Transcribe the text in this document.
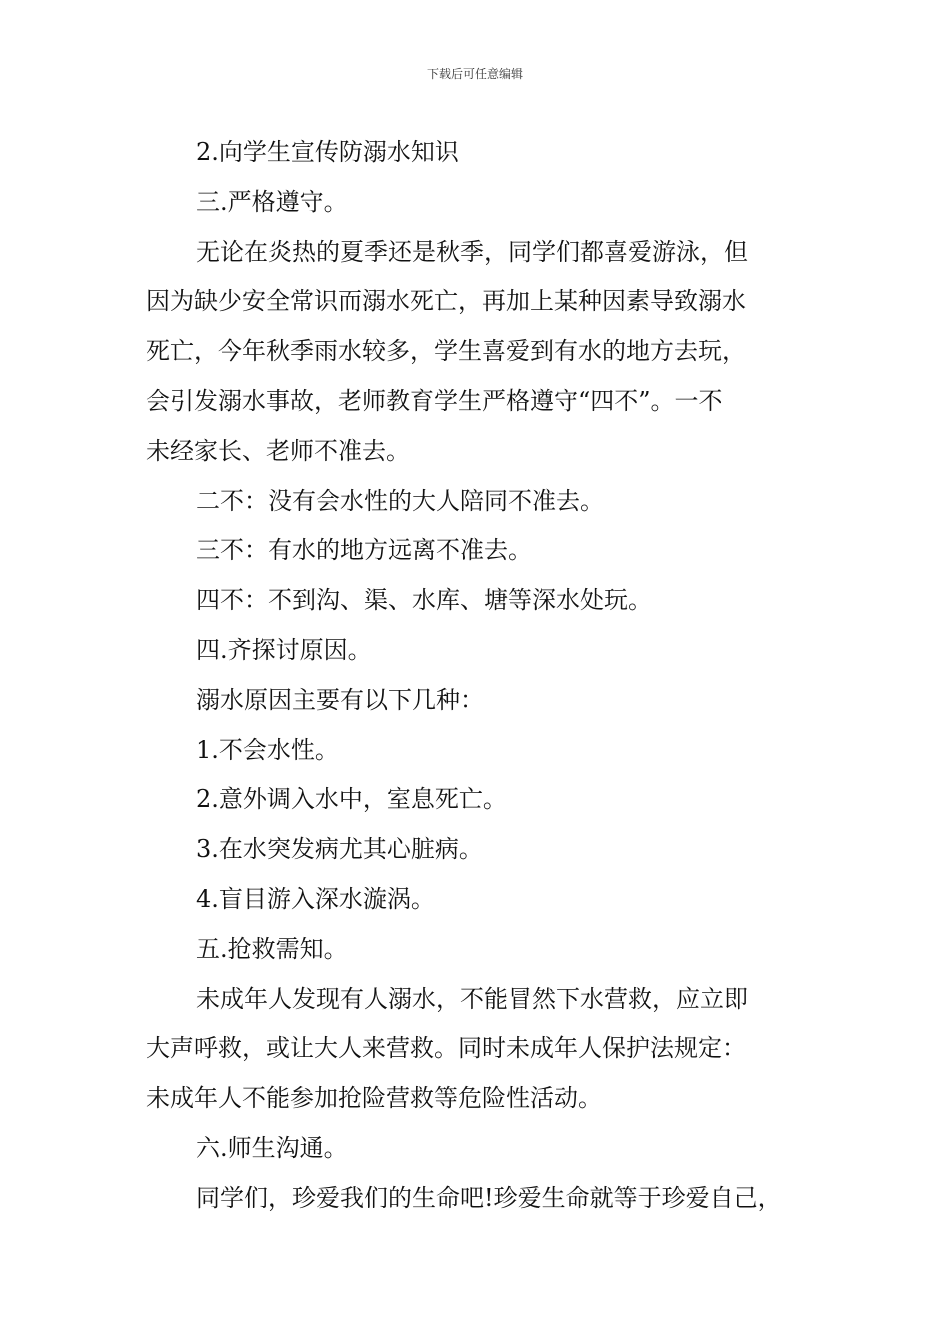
下载后可任意编辑

2.向学生宣传防溺水知识

三.严格遵守。

无论在炎热的夏季还是秋季，同学们都喜爱游泳，但

因为缺少安全常识而溺水死亡，再加上某种因素导致溺水

死亡，今年秋季雨水较多，学生喜爱到有水的地方去玩，

会引发溺水事故，老师教育学生严格遵守“四不”。一不

未经家长、老师不准去。

二不：没有会水性的大人陪同不准去。

三不：有水的地方远离不准去。

四不：不到沟、渠、水库、塘等深水处玩。

四.齐探讨原因。

溺水原因主要有以下几种：

1.不会水性。

2.意外调入水中，室息死亡。

3.在水突发病尤其心脏病。

4.盲目游入深水漩涡。

五.抢救需知。

未成年人发现有人溺水，不能冒然下水营救，应立即

大声呼救，或让大人来营救。同时未成年人保护法规定：

未成年人不能参加抢险营救等危险性活动。

六.师生沟通。

同学们，珍爱我们的生命吧!珍爱生命就等于珍爱自己，
